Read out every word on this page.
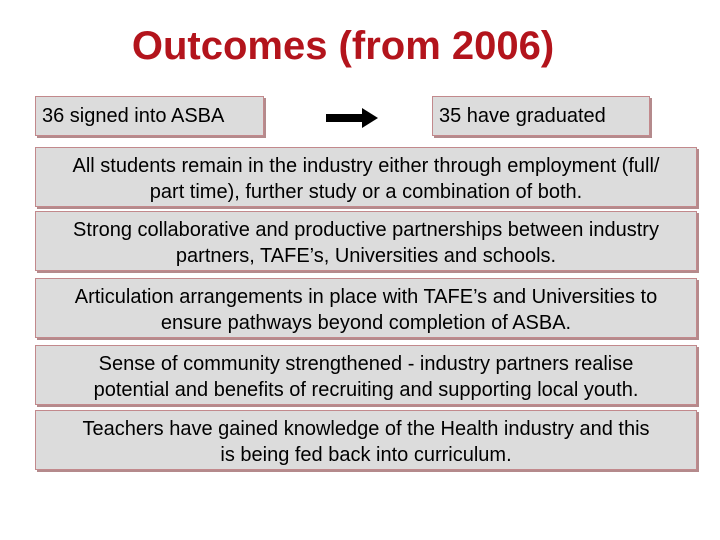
Outcomes (from 2006)
36 signed into ASBA	35 have graduated
All students remain in the industry either through employment (full/
part time), further study or a combination of both.
Strong collaborative and productive partnerships between industry
partners, TAFE’s, Universities and schools.
Articulation arrangements in place with TAFE’s and Universities to
ensure pathways beyond completion of ASBA.
Sense of community strengthened - industry partners realise
potential and benefits of recruiting and supporting local youth.
Teachers have gained knowledge of the Health industry and this
is being fed back into curriculum.
